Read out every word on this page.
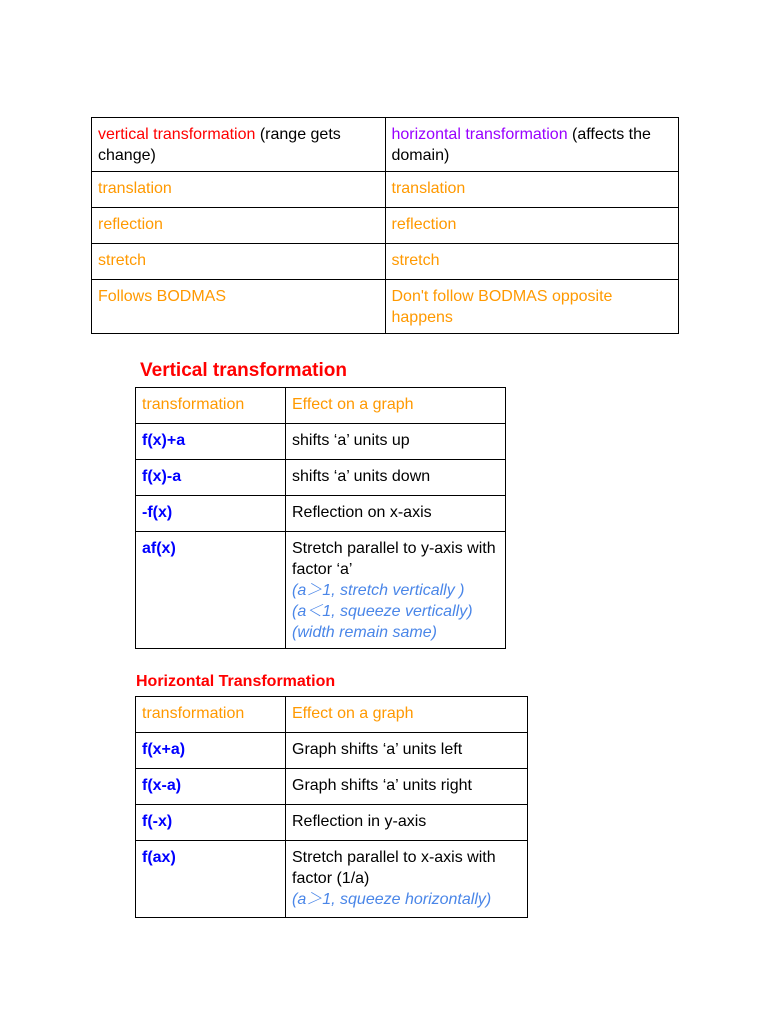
vertical transformation (range gets change)	horizontal transformation (affects the domain)
translation	translation
reflection	reflection
stretch	stretch
Follows BODMAS	Don't follow BODMAS opposite happens
Vertical transformation
transformation	Effect on a graph
f(x)+a	shifts ‘a’ units up
f(x)-a	shifts ‘a’ units down
-f(x)	Reflection on x-axis
af(x)	Stretch parallel to y-axis with factor ‘a’
(a＞1, stretch vertically )
(a＜1, squeeze vertically)
(width remain same)
Horizontal Transformation
transformation	Effect on a graph
f(x+a)	Graph shifts ‘a’ units left
f(x-a)	Graph shifts ‘a’ units right
f(-x)	Reflection in y-axis
f(ax)	Stretch parallel to x-axis with factor (1/a)
(a＞1, squeeze horizontally)
